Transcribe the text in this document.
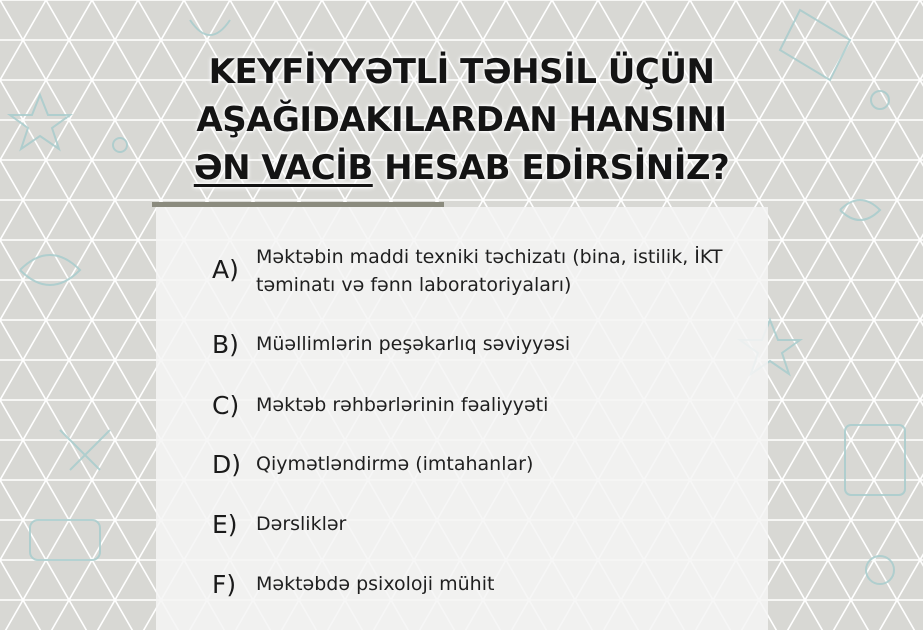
KEYFİYYƏTLİ TƏHSİL ÜÇÜN
AŞAĞIDAKILARDAN HANSINI
ƏN VACİB HESAB EDİRSİNİZ?
A) Məktəbin maddi texniki təchizatı (bina, istilik, İKT təminatı və fənn laboratoriyaları)
B) Müəllimlərin peşəkarlıq səviyyəsi
C) Məktəb rəhbərlərinin fəaliyyəti
D) Qiymətləndirmə (imtahanlar)
E) Dərsliklər
F)	Məktəbdə psixoloji mühit
